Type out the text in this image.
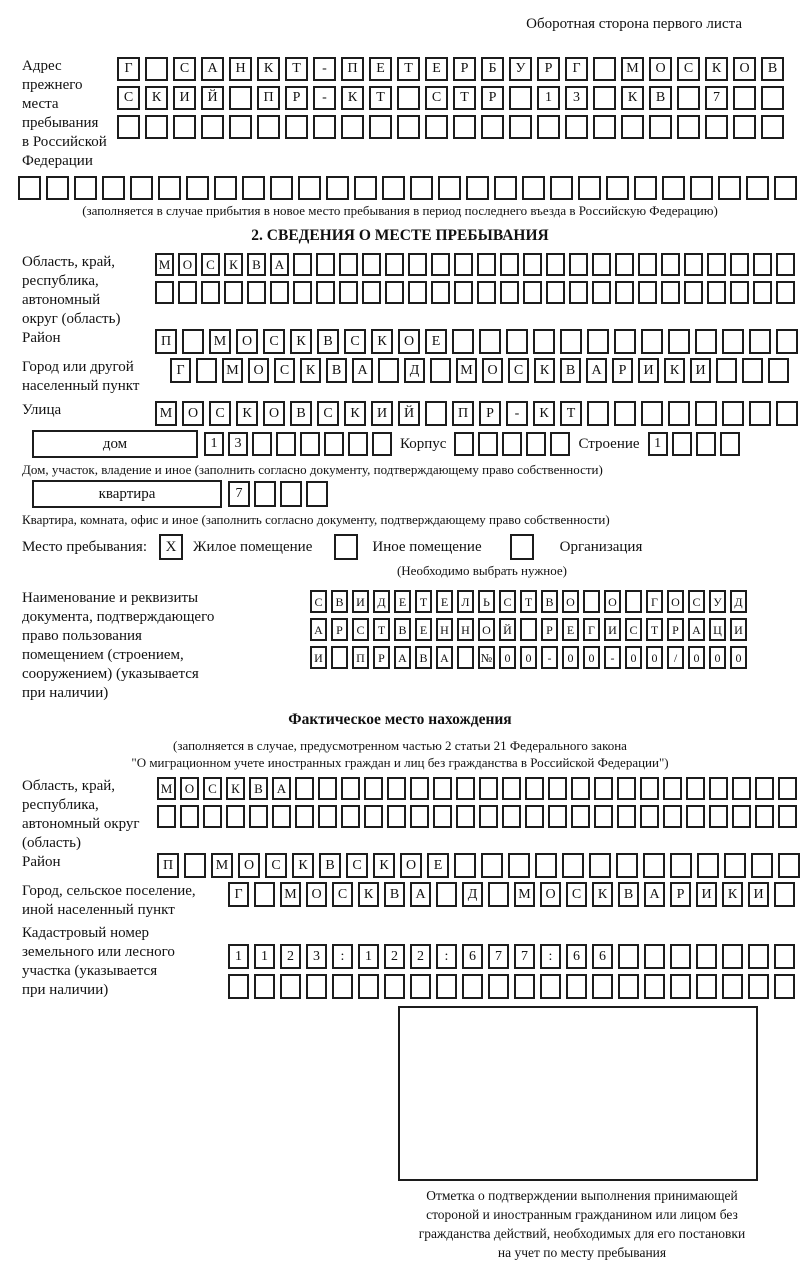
Оборотная сторона первого листа
Адрес прежнего
места пребывания
в Российской
Федерации
Г	С	А	Н	К	Т	-	П	Е	Т	Е	Р	Б	У	Р	Г	М	О	С	К	О	В
С	К	И	Й	П	Р	-	К	Т	С	Т	Р	1	3	К	В	7
(заполняется в случае прибытия в новое место пребывания в период последнего въезда в Российскую Федерацию)
2. СВЕДЕНИЯ О МЕСТЕ ПРЕБЫВАНИЯ
Область, край,
республика,
автономный
округ (область)
М О	С	К	В	А
Район	П	М	О	С	К	В	С	К	О	Е
Город или другой
населенный пункт
Г	М	О	С	К	В	А	Д	М	О	С	К	В	А	Р	И	К	И
Улица	М	О	С	К	О	В	С	К	И	Й	П	Р	-	К	Т
дом	1	3	Корпус	Строение	1
Дом, участок, владение и иное (заполнить согласно документу, подтверждающему право собственности)
квартира	7
Квартира, комната, офис и иное (заполнить согласно документу, подтверждающему право собственности)
Место пребывания:	X	Жилое помещение	Иное помещение	Организация
(Необходимо выбрать нужное)
Наименование и реквизиты
документа, подтверждающего
право пользования
помещением (строением,
сооружением) (указывается
при наличии)
С	В	И	Д	Е	Т	Е	Л	Ь	С	Т	В	О	О	Г	О	С	У	Д
А	Р	С	Т	В	Е	Н	Н	О	Й	Р	Е	Г	И	С	Т	Р	А	Ц	И
И	П	Р	А	В	А	№	0	0	-	0	0	-	0	0	/	0	0	0
Фактическое место нахождения
(заполняется в случае, предусмотренном частью 2 статьи 21 Федерального закона
"О миграционном учете иностранных граждан и лиц без гражданства в Российской Федерации")
Область, край,
республика,
автономный округ
(область)
М О	С	К	В	А
Район	П	М	О	С	К	В	С	К	О	Е
Город, сельское поселение,
иной населенный пункт
Г	М	О	С	К	В	А	Д	М	О	С	К	В	А	Р	И	К	И
Кадастровый номер
земельного или лесного
участка (указывается
при наличии)
1	1	2	3	:	1	2	2	:	6	7	7	:	6	6
Отметка о подтверждении выполнения принимающей
стороной и иностранным гражданином или лицом без
гражданства действий, необходимых для его постановки
на учет по месту пребывания
